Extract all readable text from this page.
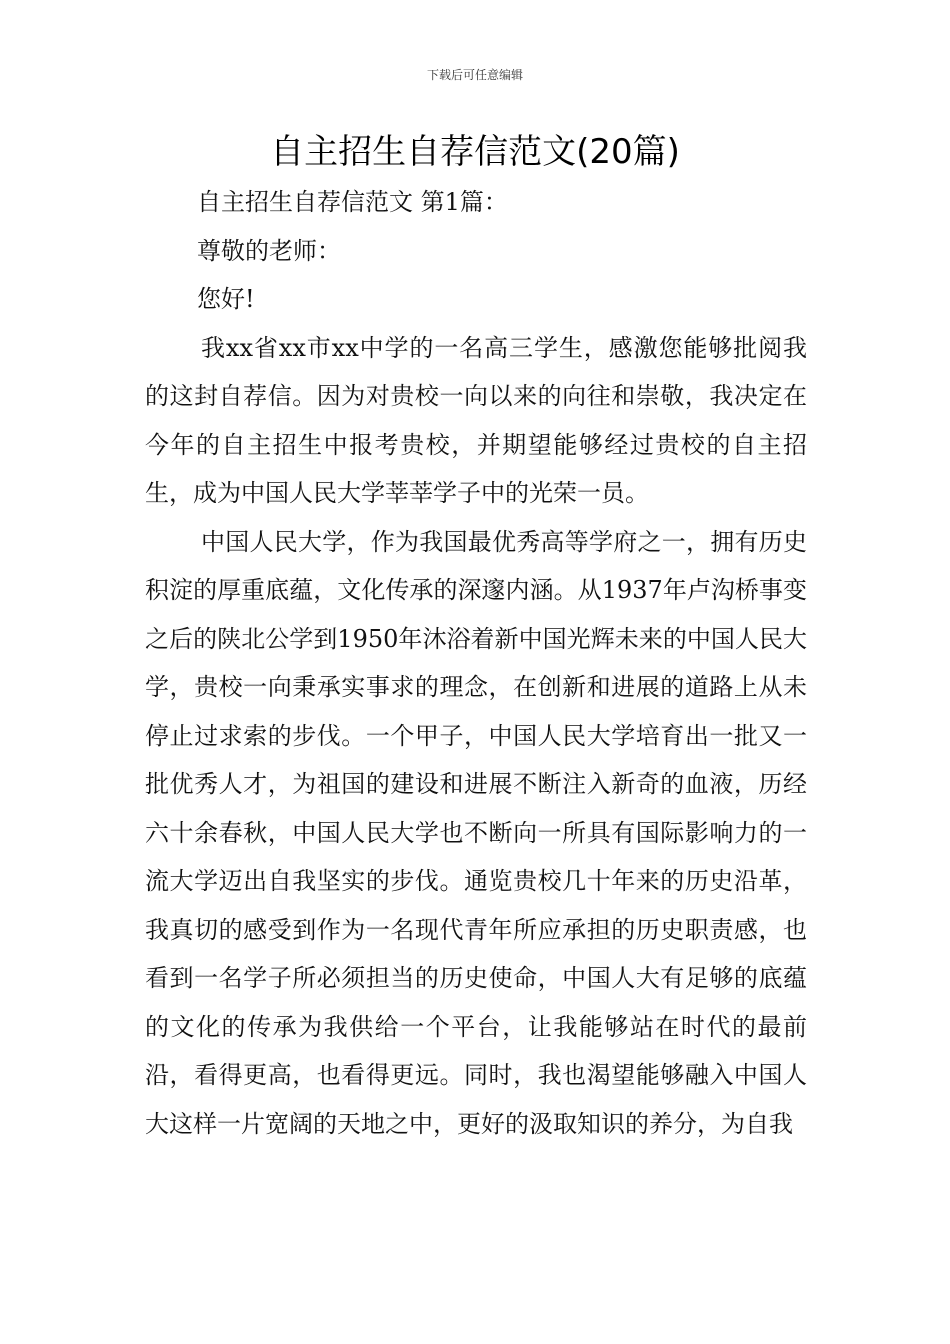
下载后可任意编辑
自主招生自荐信范文(20篇)

自主招生自荐信范文 第1篇：

尊敬的老师：

您好!

我xx省xx市xx中学的一名高三学生，感激您能够批阅我的这封自荐信。因为对贵校一向以来的向往和崇敬，我决定在今年的自主招生中报考贵校，并期望能够经过贵校的自主招生，成为中国人民大学莘莘学子中的光荣一员。

中国人民大学，作为我国最优秀高等学府之一，拥有历史积淀的厚重底蕴，文化传承的深邃内涵。从1937年卢沟桥事变之后的陕北公学到1950年沐浴着新中国光辉未来的中国人民大学，贵校一向秉承实事求的理念，在创新和进展的道路上从未停止过求索的步伐。一个甲子，中国人民大学培育出一批又一批优秀人才，为祖国的建设和进展不断注入新奇的血液，历经六十余春秋，中国人民大学也不断向一所具有国际影响力的一流大学迈出自我坚实的步伐。通览贵校几十年来的历史沿革，我真切的感受到作为一名现代青年所应承担的历史职责感，也看到一名学子所必须担当的历史使命，中国人大有足够的底蕴的文化的传承为我供给一个平台，让我能够站在时代的最前沿，看得更高，也看得更远。同时，我也渴望能够融入中国人大这样一片宽阔的天地之中，更好的汲取知识的养分，为自我
